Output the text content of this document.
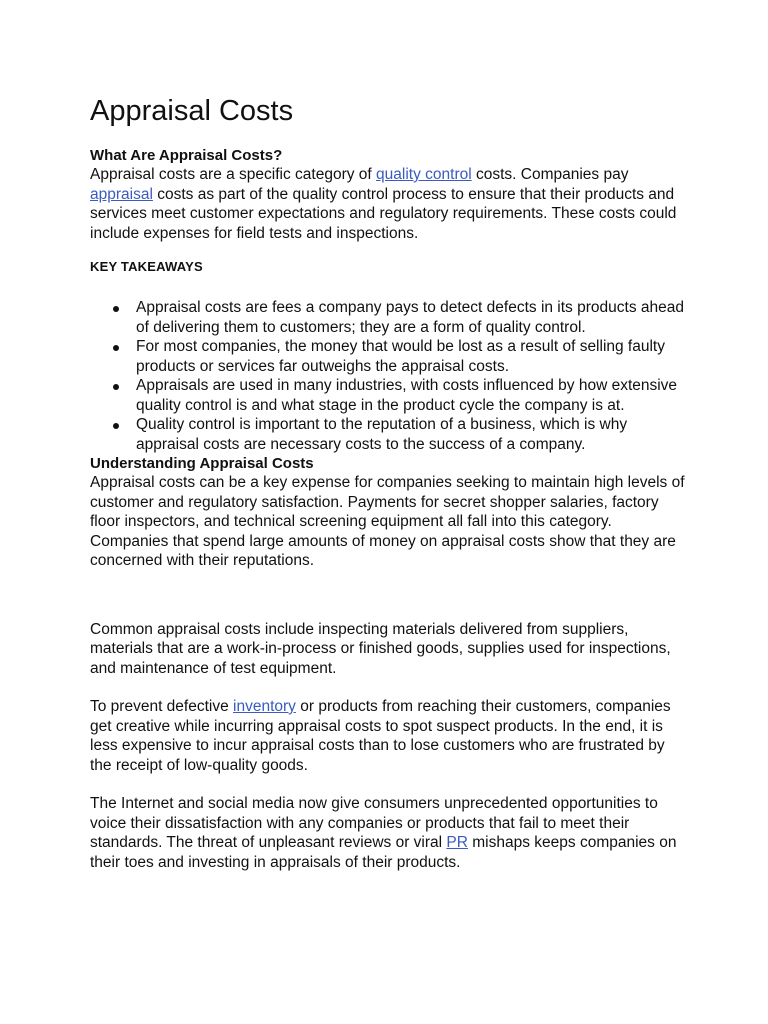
Appraisal Costs
What Are Appraisal Costs?

Appraisal costs are a specific category of quality control costs. Companies pay appraisal costs as part of the quality control process to ensure that their products and services meet customer expectations and regulatory requirements. These costs could include expenses for field tests and inspections.

KEY TAKEAWAYS
Appraisal costs are fees a company pays to detect defects in its products ahead of delivering them to customers; they are a form of quality control.
For most companies, the money that would be lost as a result of selling faulty products or services far outweighs the appraisal costs.
Appraisals are used in many industries, with costs influenced by how extensive quality control is and what stage in the product cycle the company is at.
Quality control is important to the reputation of a business, which is why appraisal costs are necessary costs to the success of a company.
Understanding Appraisal Costs

Appraisal costs can be a key expense for companies seeking to maintain high levels of customer and regulatory satisfaction. Payments for secret shopper salaries, factory floor inspectors, and technical screening equipment all fall into this category. Companies that spend large amounts of money on appraisal costs show that they are concerned with their reputations.

Common appraisal costs include inspecting materials delivered from suppliers, materials that are a work-in-process or finished goods, supplies used for inspections, and maintenance of test equipment.

To prevent defective inventory or products from reaching their customers, companies get creative while incurring appraisal costs to spot suspect products. In the end, it is less expensive to incur appraisal costs than to lose customers who are frustrated by the receipt of low-quality goods.

The Internet and social media now give consumers unprecedented opportunities to voice their dissatisfaction with any companies or products that fail to meet their standards. The threat of unpleasant reviews or viral PR mishaps keeps companies on their toes and investing in appraisals of their products.
